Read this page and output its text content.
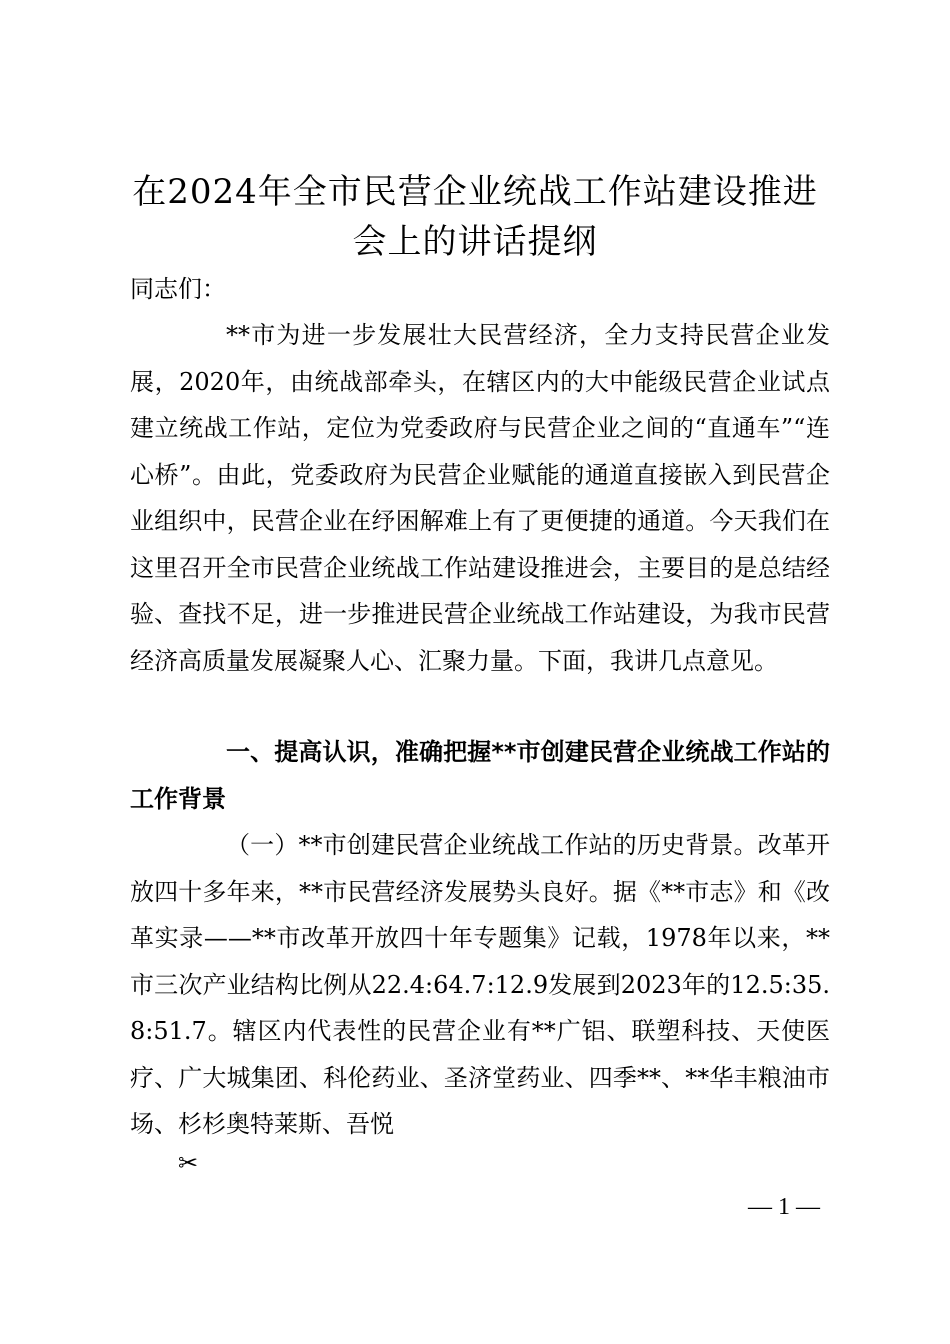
在2024年全市民营企业统战工作站建设推进
会上的讲话提纲

同志们：

**市为进一步发展壮大民营经济，全力支持民营企业发展，2020年，由统战部牵头，在辖区内的大中能级民营企业试点建立统战工作站，定位为党委政府与民营企业之间的“直通车”“连心桥”。由此，党委政府为民营企业赋能的通道直接嵌入到民营企业组织中，民营企业在纾困解难上有了更便捷的通道。今天我们在这里召开全市民营企业统战工作站建设推进会，主要目的是总结经验、查找不足，进一步推进民营企业统战工作站建设，为我市民营经济高质量发展凝聚人心、汇聚力量。下面，我讲几点意见。

一、提高认识，准确把握**市创建民营企业统战工作站的工作背景

（一）**市创建民营企业统战工作站的历史背景。改革开放四十多年来，**市民营经济发展势头良好。据《**市志》和《改革实录——**市改革开放四十年专题集》记载，1978年以来，**市三次产业结构比例从22.4:64.7:12.9发展到2023年的12.5:35.8:51.7。辖区内代表性的民营企业有**广铝、联塑科技、天使医疗、广大城集团、科伦药业、圣济堂药业、四季**、**华丰粮油市场、杉杉奥特莱斯、吾悦

✂
— 1 —
